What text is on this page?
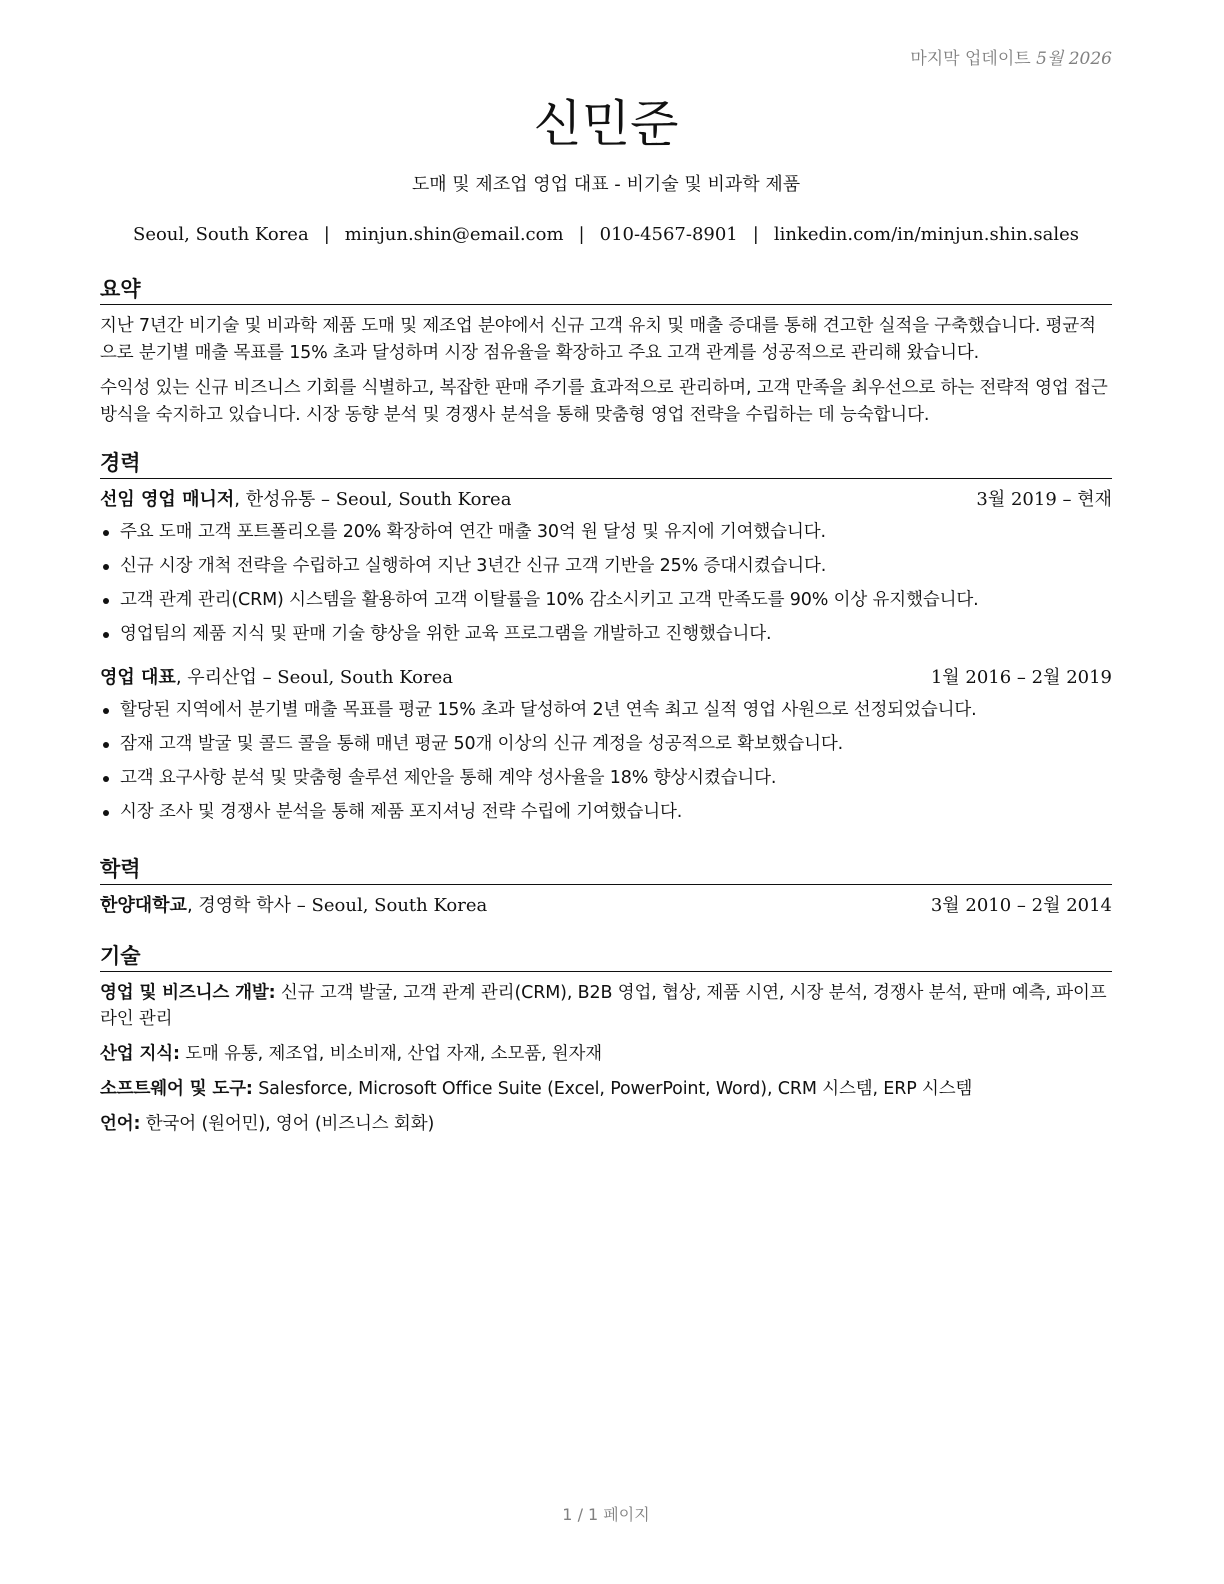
마지막 업데이트 5월 2026
신민준
도매 및 제조업 영업 대표 - 비기술 및 비과학 제품
Seoul, South Korea | minjun.shin@email.com | 010-4567-8901 | linkedin.com/in/minjun.shin.sales
요약

지난 7년간 비기술 및 비과학 제품 도매 및 제조업 분야에서 신규 고객 유치 및 매출 증대를 통해 견고한 실적을 구축했습니다. 평균적으로 분기별 매출 목표를 15% 초과 달성하며 시장 점유율을 확장하고 주요 고객 관계를 성공적으로 관리해 왔습니다.

수익성 있는 신규 비즈니스 기회를 식별하고, 복잡한 판매 주기를 효과적으로 관리하며, 고객 만족을 최우선으로 하는 전략적 영업 접근 방식을 숙지하고 있습니다. 시장 동향 분석 및 경쟁사 분석을 통해 맞춤형 영업 전략을 수립하는 데 능숙합니다.

경력
선임 영업 매니저, 한성유통 – Seoul, South Korea	3월 2019 – 현재
주요 도매 고객 포트폴리오를 20% 확장하여 연간 매출 30억 원 달성 및 유지에 기여했습니다.
신규 시장 개척 전략을 수립하고 실행하여 지난 3년간 신규 고객 기반을 25% 증대시켰습니다.
고객 관계 관리(CRM) 시스템을 활용하여 고객 이탈률을 10% 감소시키고 고객 만족도를 90% 이상 유지했습니다.
영업팀의 제품 지식 및 판매 기술 향상을 위한 교육 프로그램을 개발하고 진행했습니다.
영업 대표, 우리산업 – Seoul, South Korea	1월 2016 – 2월 2019
할당된 지역에서 분기별 매출 목표를 평균 15% 초과 달성하여 2년 연속 최고 실적 영업 사원으로 선정되었습니다.
잠재 고객 발굴 및 콜드 콜을 통해 매년 평균 50개 이상의 신규 계정을 성공적으로 확보했습니다.
고객 요구사항 분석 및 맞춤형 솔루션 제안을 통해 계약 성사율을 18% 향상시켰습니다.
시장 조사 및 경쟁사 분석을 통해 제품 포지셔닝 전략 수립에 기여했습니다.
학력
한양대학교, 경영학 학사 – Seoul, South Korea	3월 2010 – 2월 2014
기술
영업 및 비즈니스 개발: 신규 고객 발굴, 고객 관계 관리(CRM), B2B 영업, 협상, 제품 시연, 시장 분석, 경쟁사 분석, 판매 예측, 파이프라인 관리
산업 지식: 도매 유통, 제조업, 비소비재, 산업 자재, 소모품, 원자재
소프트웨어 및 도구: Salesforce, Microsoft Office Suite (Excel, PowerPoint, Word), CRM 시스템, ERP 시스템
언어: 한국어 (원어민), 영어 (비즈니스 회화)
1 / 1 페이지
